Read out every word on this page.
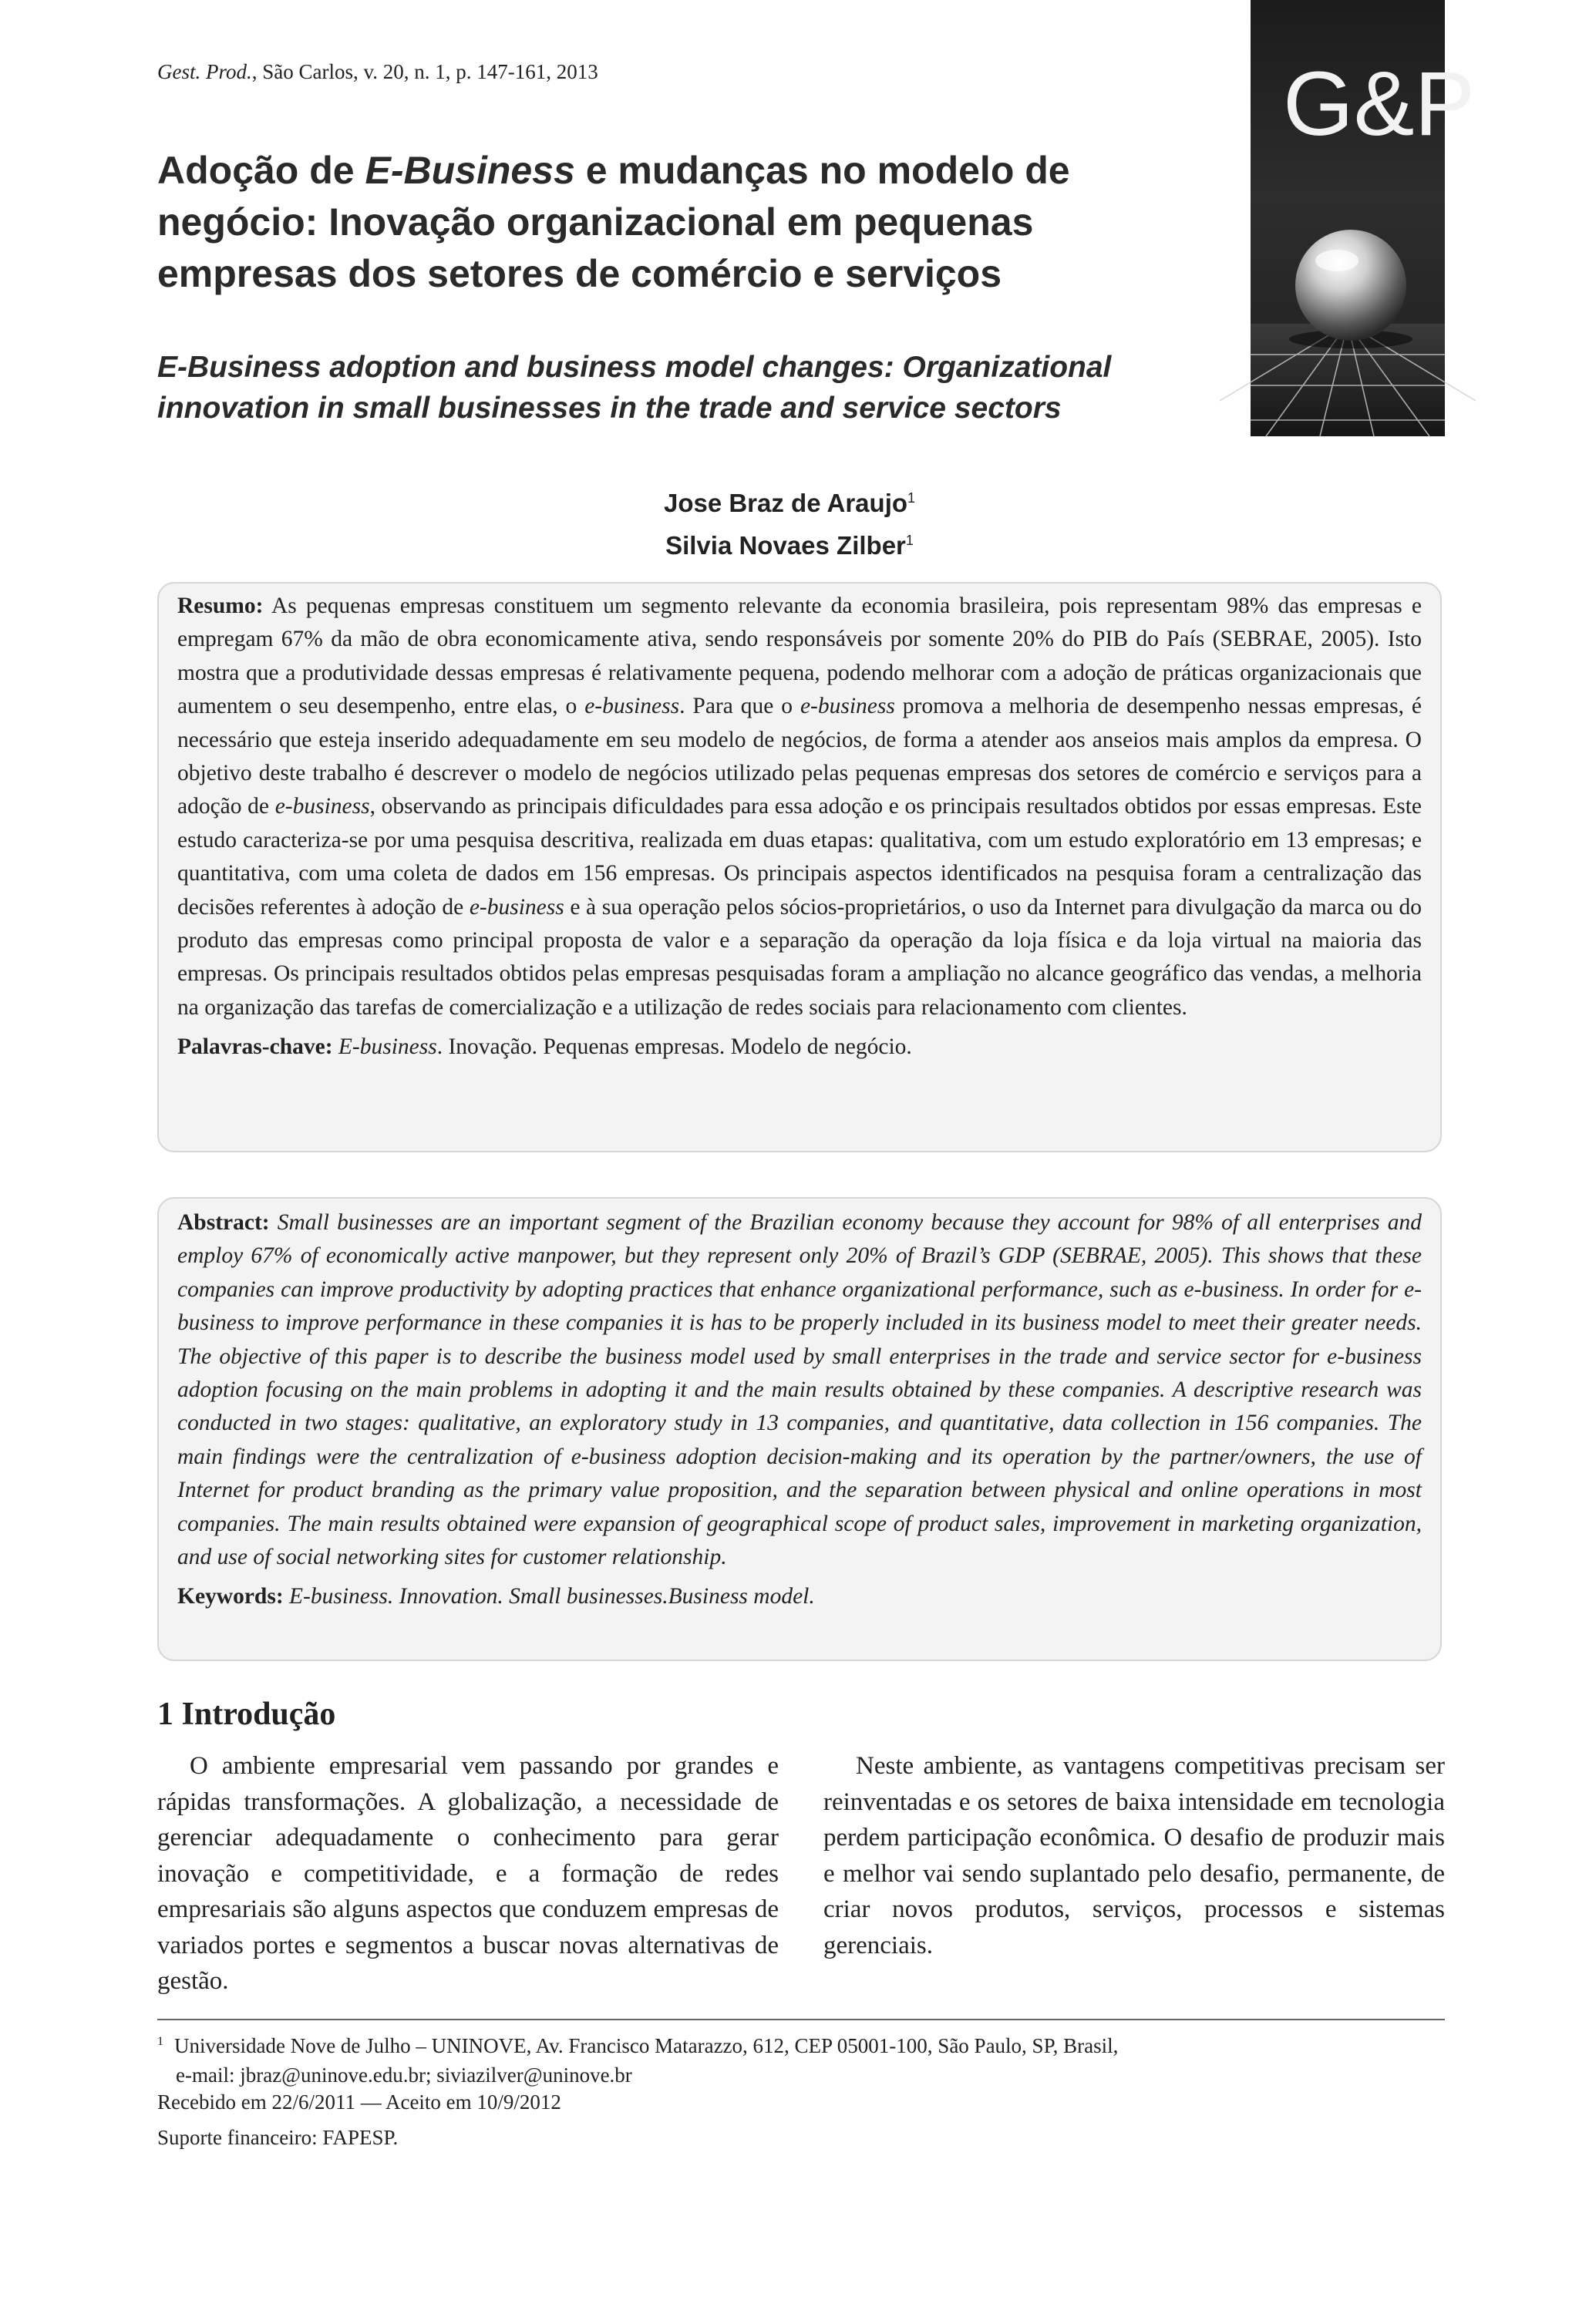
Gest. Prod., São Carlos, v. 20, n. 1, p. 147-161, 2013	G&P
Adoção de E-Business e mudanças no modelo de negócio: Inovação organizacional em pequenas empresas dos setores de comércio e serviços
E-Business adoption and business model changes: Organizational innovation in small businesses in the trade and service sectors
Jose Braz de Araujo$^1$
Silvia Novaes Zilber$^1$

Resumo: As pequenas empresas constituem um segmento relevante da economia brasileira, pois representam 98% das empresas e empregam 67% da mão de obra economicamente ativa, sendo responsáveis por somente 20% do PIB do País (SEBRAE, 2005). Isto mostra que a produtividade dessas empresas é relativamente pequena, podendo melhorar com a adoção de práticas organizacionais que aumentem o seu desempenho, entre elas, o e-business. Para que o e-business promova a melhoria de desempenho nessas empresas, é necessário que esteja inserido adequadamente em seu modelo de negócios, de forma a atender aos anseios mais amplos da empresa. O objetivo deste trabalho é descrever o modelo de negócios utilizado pelas pequenas empresas dos setores de comércio e serviços para a adoção de e-business, observando as principais dificuldades para essa adoção e os principais resultados obtidos por essas empresas. Este estudo caracteriza-se por uma pesquisa descritiva, realizada em duas etapas: qualitativa, com um estudo exploratório em 13 empresas; e quantitativa, com uma coleta de dados em 156 empresas. Os principais aspectos identificados na pesquisa foram a centralização das decisões referentes à adoção de e-business e à sua operação pelos sócios-proprietários, o uso da Internet para divulgação da marca ou do produto das empresas como principal proposta de valor e a separação da operação da loja física e da loja virtual na maioria das empresas. Os principais resultados obtidos pelas empresas pesquisadas foram a ampliação no alcance geográfico das vendas, a melhoria na organização das tarefas de comercialização e a utilização de redes sociais para relacionamento com clientes.

Palavras-chave: E-business. Inovação. Pequenas empresas. Modelo de negócio.

Abstract: Small businesses are an important segment of the Brazilian economy because they account for 98% of all enterprises and employ 67% of economically active manpower, but they represent only 20% of Brazil’s GDP (SEBRAE, 2005). This shows that these companies can improve productivity by adopting practices that enhance organizational performance, such as e-business. In order for e-business to improve performance in these companies it is has to be properly included in its business model to meet their greater needs. The objective of this paper is to describe the business model used by small enterprises in the trade and service sector for e-business adoption focusing on the main problems in adopting it and the main results obtained by these companies. A descriptive research was conducted in two stages: qualitative, an exploratory study in 13 companies, and quantitative, data collection in 156 companies. The main findings were the centralization of e-business adoption decision-making and its operation by the partner/owners, the use of Internet for product branding as the primary value proposition, and the separation between physical and online operations in most companies. The main results obtained were expansion of geographical scope of product sales, improvement in marketing organization, and use of social networking sites for customer relationship.

Keywords: E-business. Innovation. Small businesses.Business model.

1 Introdução
O ambiente empresarial vem passando por grandes e rápidas transformações. A globalização, a necessidade de gerenciar adequadamente o conhecimento para gerar inovação e competitividade, e a formação de redes empresariais são alguns aspectos que conduzem empresas de variados portes e segmentos a buscar novas alternativas de gestão.
Neste ambiente, as vantagens competitivas precisam ser reinventadas e os setores de baixa intensidade em tecnologia perdem participação econômica. O desafio de produzir mais e melhor vai sendo suplantado pelo desafio, permanente, de criar novos produtos, serviços, processos e sistemas gerenciais.
$^1$ Universidade Nove de Julho – UNINOVE, Av. Francisco Matarazzo, 612, CEP 05001-100, São Paulo, SP, Brasil,
e-mail: jbraz@uninove.edu.br; siviazilver@uninove.br
Recebido em 22/6/2011 — Aceito em 10/9/2012
Suporte financeiro: FAPESP.
